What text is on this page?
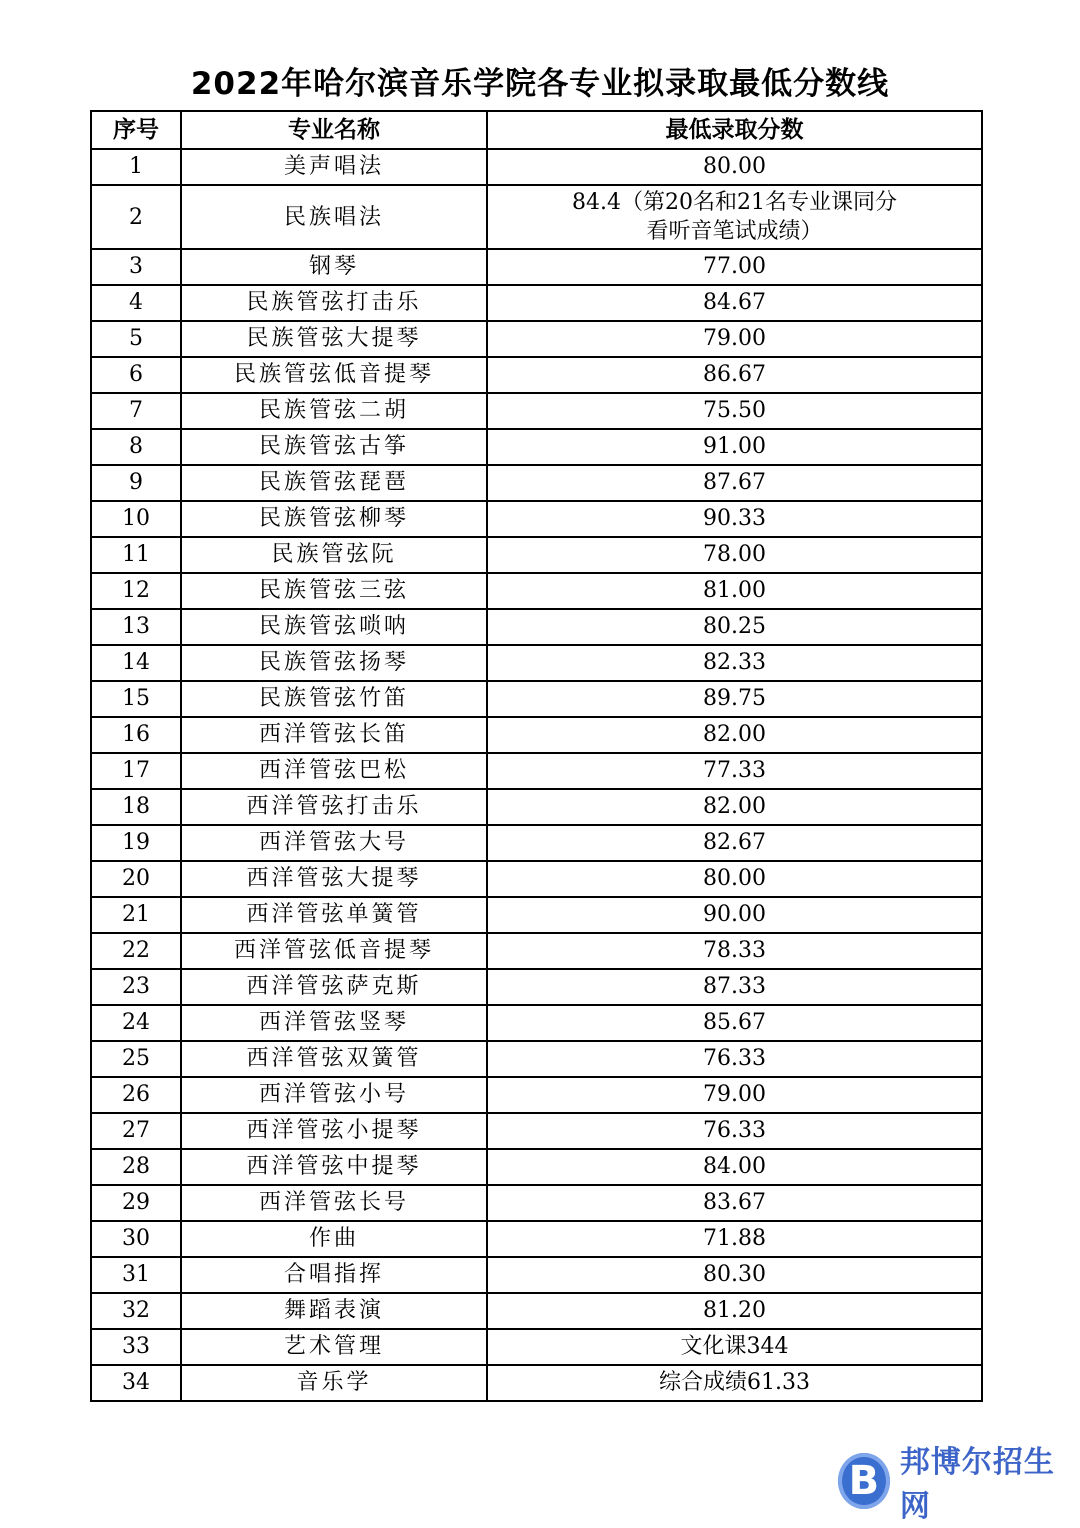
2022年哈尔滨音乐学院各专业拟录取最低分数线
序号	专业名称	最低录取分数
1	美声唱法	80.00
2	民族唱法	84.4（第20名和21名专业课同分
看听音笔试成绩）

3	钢琴	77.00
4	民族管弦打击乐	84.67
5	民族管弦大提琴	79.00
6	民族管弦低音提琴	86.67
7	民族管弦二胡	75.50
8	民族管弦古筝	91.00
9	民族管弦琵琶	87.67
10	民族管弦柳琴	90.33
11	民族管弦阮	78.00
12	民族管弦三弦	81.00
13	民族管弦唢呐	80.25
14	民族管弦扬琴	82.33
15	民族管弦竹笛	89.75
16	西洋管弦长笛	82.00
17	西洋管弦巴松	77.33
18	西洋管弦打击乐	82.00
19	西洋管弦大号	82.67
20	西洋管弦大提琴	80.00
21	西洋管弦单簧管	90.00
22	西洋管弦低音提琴	78.33
23	西洋管弦萨克斯	87.33
24	西洋管弦竖琴	85.67
25	西洋管弦双簧管	76.33
26	西洋管弦小号	79.00
27	西洋管弦小提琴	76.33
28	西洋管弦中提琴	84.00
29	西洋管弦长号	83.67
30	作曲	71.88
31	合唱指挥	80.30
32	舞蹈表演	81.20
33	艺术管理	文化课344
34	音乐学	综合成绩61.33
B 邦博尔招生网
